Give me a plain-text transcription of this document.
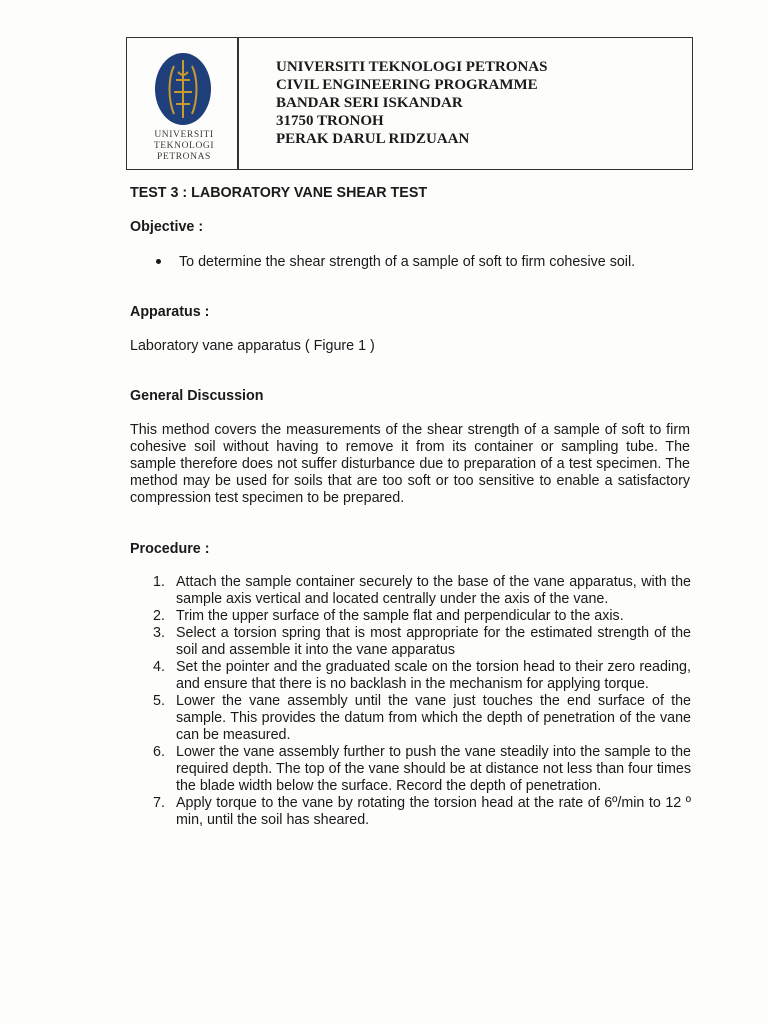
UNIVERSITI
TEKNOLOGI
PETRONAS
UNIVERSITI TEKNOLOGI PETRONAS
CIVIL ENGINEERING PROGRAMME
BANDAR SERI ISKANDAR
31750 TRONOH
PERAK DARUL RIDZUAAN
TEST 3 : LABORATORY VANE SHEAR TEST
Objective :
To determine the shear strength of a sample of soft to firm cohesive soil.
Apparatus :
Laboratory vane apparatus ( Figure 1 )
General Discussion
This method covers the measurements of the shear strength of a sample of soft to firm cohesive soil without having to remove it from its container or sampling tube. The sample therefore does not suffer disturbance due to preparation of a test specimen. The method may be used for soils that are too soft or too sensitive to enable a satisfactory compression test specimen to be prepared.
Procedure :
1. Attach the sample container securely to the base of the vane apparatus, with the sample axis vertical and located centrally under the axis of the vane.
2. Trim the upper surface of the sample flat and perpendicular to the axis.
3. Select a torsion spring that is most appropriate for the estimated strength of the soil and assemble it into the vane apparatus
4. Set the pointer and the graduated scale on the torsion head to their zero reading, and ensure that there is no backlash in the mechanism for applying torque.
5. Lower the vane assembly until the vane just touches the end surface of the sample. This provides the datum from which the depth of penetration of the vane can be measured.
6. Lower the vane assembly further to push the vane steadily into the sample to the required depth. The top of the vane should be at distance not less than four times the blade width below the surface. Record the depth of penetration.
7. Apply torque to the vane by rotating the torsion head at the rate of 6º/min to 12 º min, until the soil has sheared.
